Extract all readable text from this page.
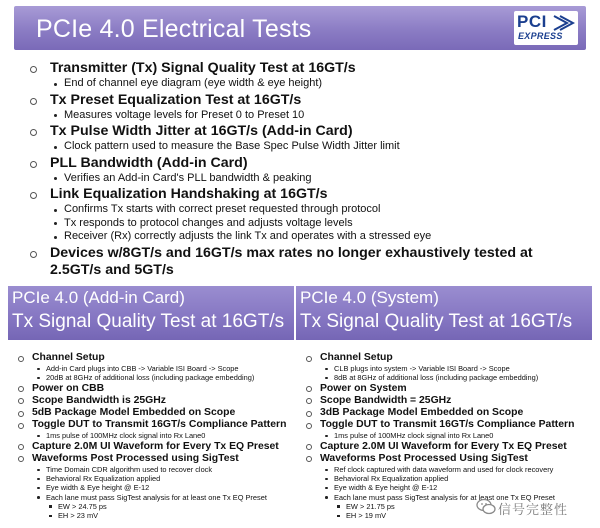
PCIe 4.0 Electrical Tests	PCI
EXPRESS
Transmitter (Tx) Signal Quality Test at 16GT/s
End of channel eye diagram (eye width & eye height)
Tx Preset Equalization Test at 16GT/s
Measures voltage levels for Preset 0 to Preset 10
Tx Pulse Width Jitter at 16GT/s (Add-in Card)
Clock pattern used to measure the Base Spec Pulse Width Jitter limit
PLL Bandwidth (Add-in Card)
Verifies an Add-in Card's PLL bandwidth & peaking
Link Equalization Handshaking at 16GT/s
Confirms Tx starts with correct preset requested through protocol
Tx responds to protocol changes and adjusts voltage levels
Receiver (Rx) correctly adjusts the link Tx and operates with a stressed eye
Devices w/8GT/s and 16GT/s max rates no longer exhaustively tested at 2.5GT/s and 5GT/s
PCIe 4.0 (Add-in Card)
Tx Signal Quality Test at 16GT/s
Channel Setup
Add-in Card plugs into CBB -> Variable ISI Board -> Scope
20dB at 8GHz of additional loss (including package embedding)
Power on CBB
Scope Bandwidth is 25GHz
5dB Package Model Embedded on Scope
Toggle DUT to Transmit 16GT/s Compliance Pattern
1ms pulse of 100MHz clock signal into Rx Lane0
Capture 2.0M UI Waveform for Every Tx EQ Preset
Waveforms Post Processed using SigTest
Time Domain CDR algorithm used to recover clock
Behavioral Rx Equalization applied
Eye width & Eye height @ E-12
Each lane must pass SigTest analysis for at least one Tx EQ Preset
EW > 24.75 ps
EH > 23 mV
PCIe 4.0 (System)
Tx Signal Quality Test at 16GT/s
Channel Setup
CLB plugs into system -> Variable ISI Board -> Scope
8dB at 8GHz of additional loss (including package embedding)
Power on System
Scope Bandwidth = 25GHz
3dB Package Model Embedded on Scope
Toggle DUT to Transmit 16GT/s Compliance Pattern
1ms pulse of 100MHz clock signal into Rx Lane0
Capture 2.0M UI Waveform for Every Tx EQ Preset
Waveforms Post Processed Using SigTest
Ref clock captured with data waveform and used for clock recovery
Behavioral Rx Equalization applied
Eye width & Eye height @ E-12
Each lane must pass SigTest analysis for at least one Tx EQ Preset
EW > 21.75 ps
EH > 19 mV	信号完整性
